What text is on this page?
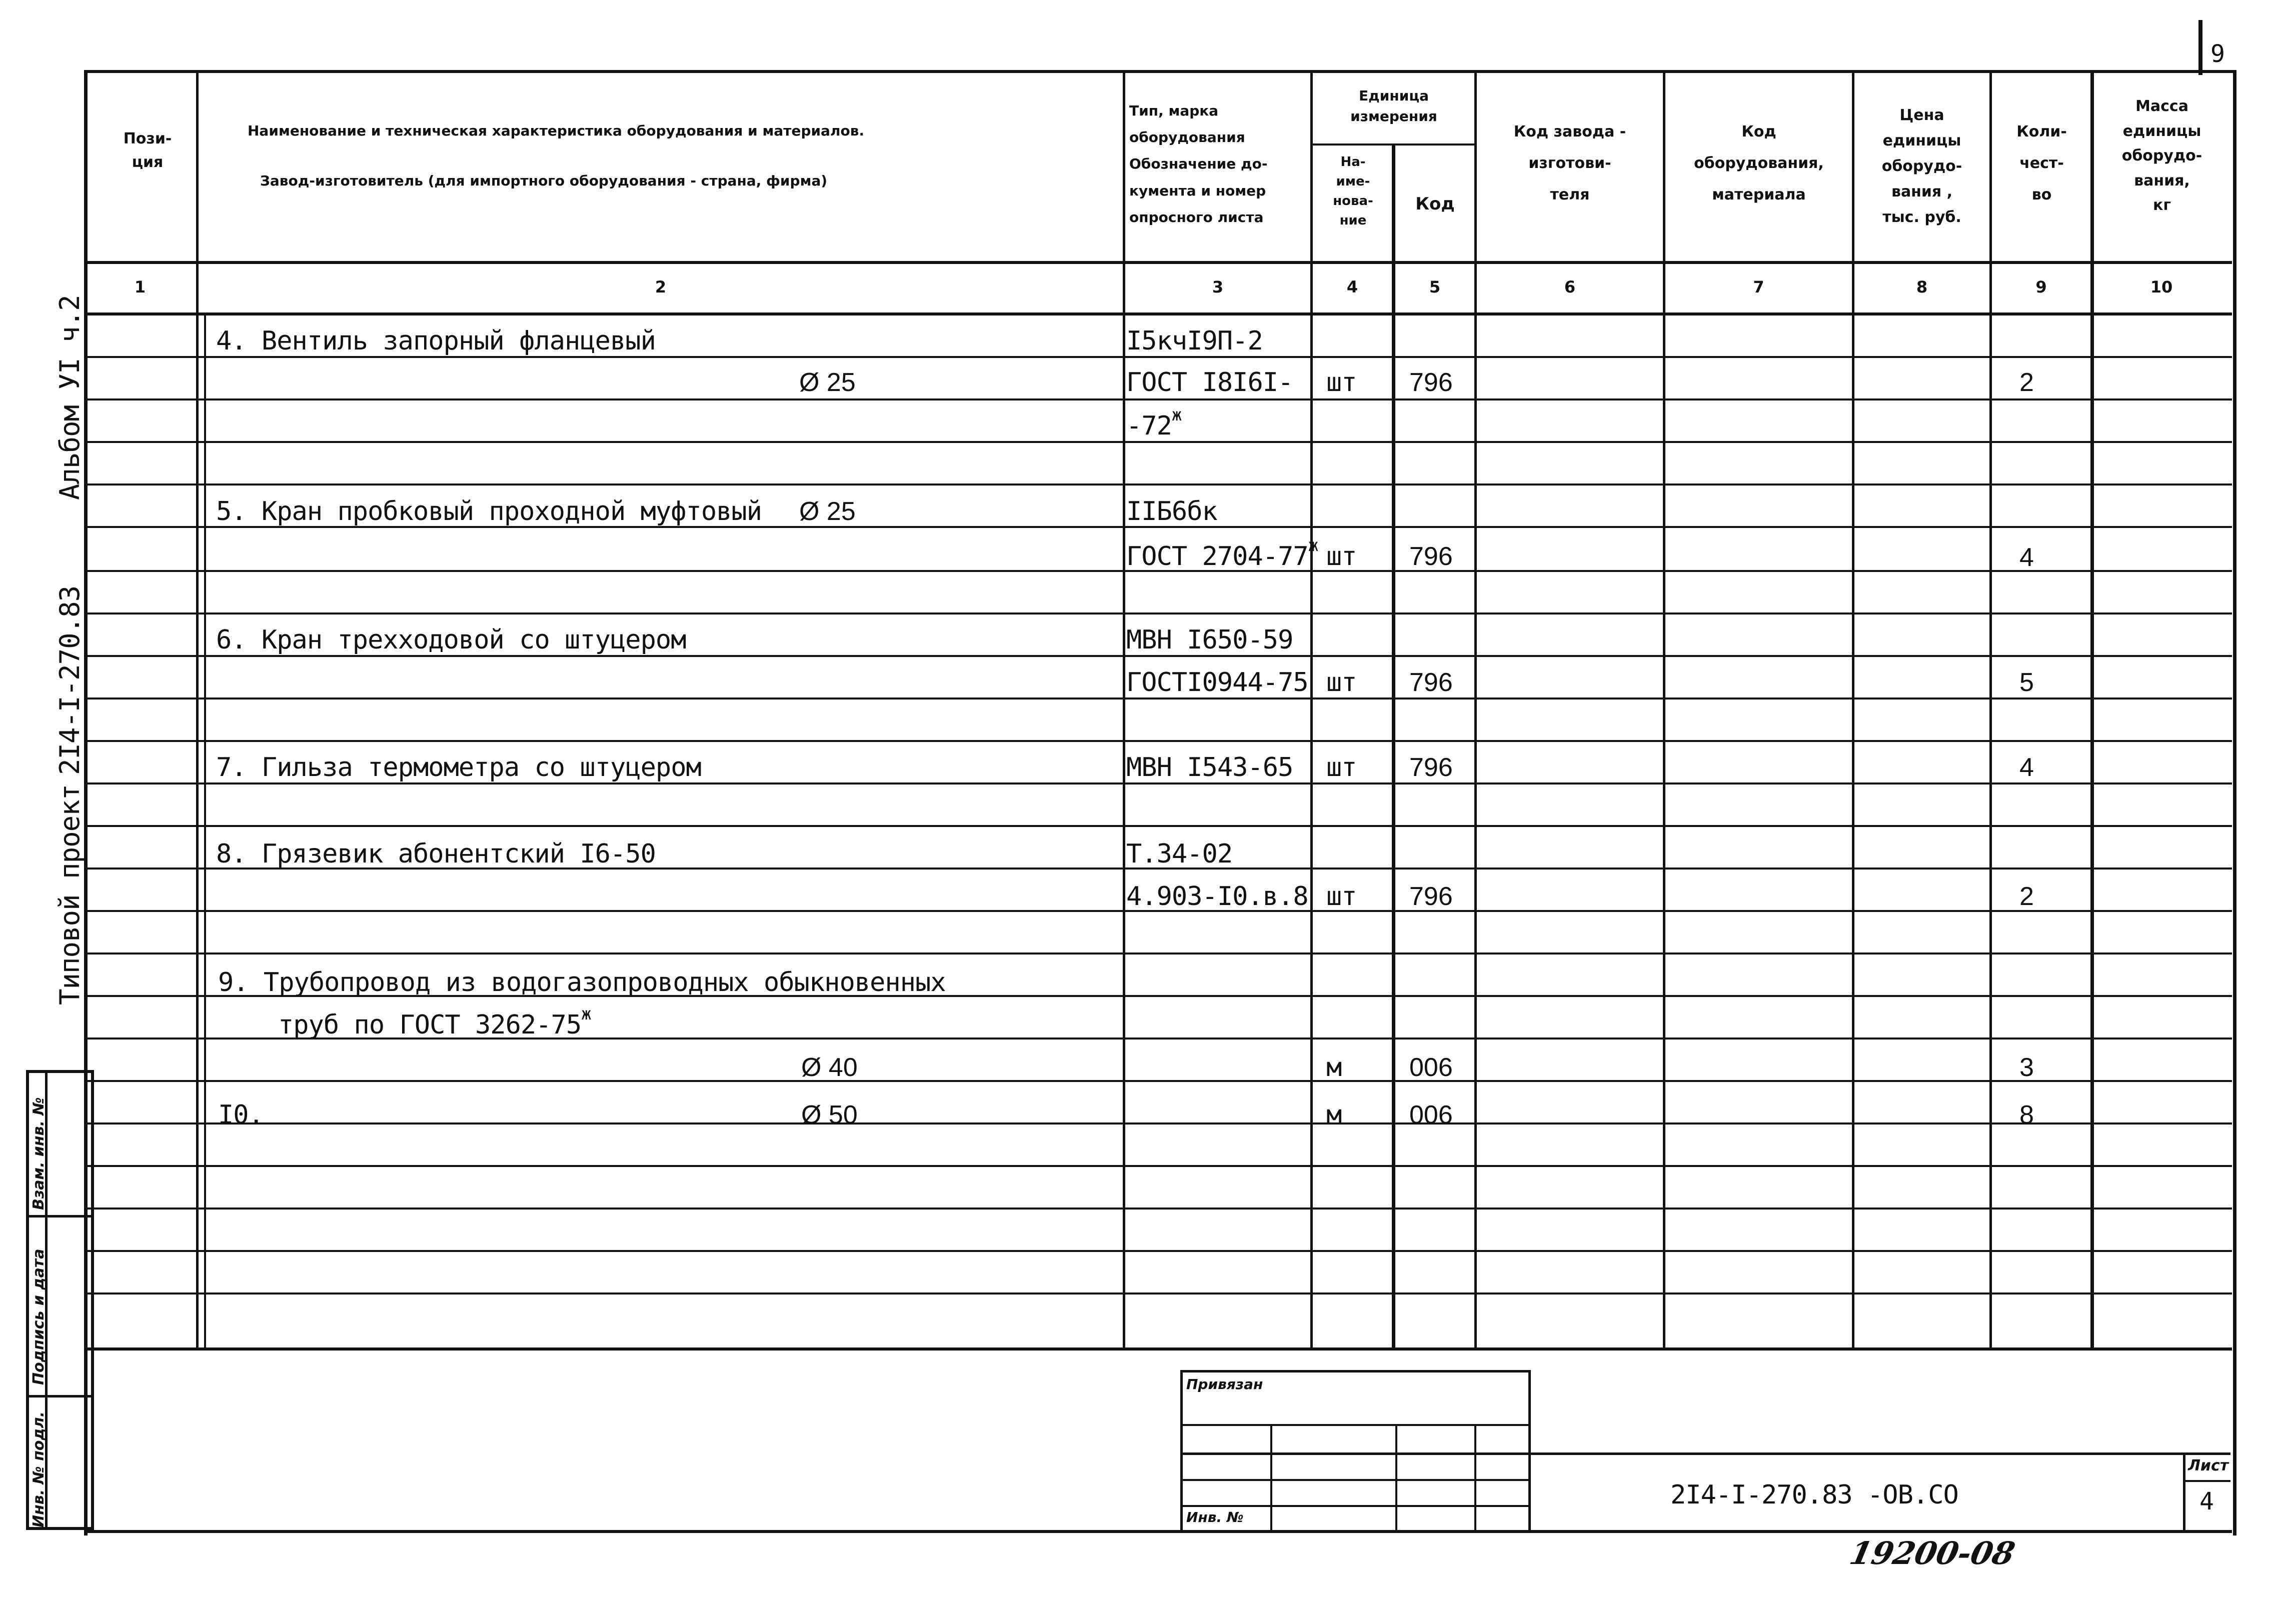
9
Пози-
ция
Наименование и техническая характеристика оборудования и материалов.
Завод-изготовитель (для импортного оборудования - страна, фирма)
Тип, марка
оборудования
Обозначение до-
кумента и номер
опросного листа
Единица
измерения
На-
име-
нова-
ние
Код
Код завода -
изготови-
теля
Код
оборудования,
материала
Цена
единицы
оборудо-
вания ,
тыс. руб.
Коли-
чест-
во
Масса
единицы
оборудо-
вания,
кг
1	2	3	4	5	6	7	8	9	10
4. Вентиль запорный фланцевый	I5кчI9П-2
Ø 25	ГОСТ I8I6I- шт 796	2
$-72^ж$
5. Кран пробковый проходной муфтовый Ø 25	IIБ6бк
ГОСТ $2704-77^ж$ шт 796	4
6. Кран трехходовой со штуцером	МВН I650-59
ГОСТI0944-75 шт 796	5
7. Гильза термометра со штуцером	МВН I543-65 шт 796	4
8. Грязевик абонентский I6-50	Т.34-02
4.903-I0.в.8 шт 796	2
9. Трубопровод из водогазопроводных обыкновенных
труб по ГОСТ $3262-75^ж$
Ø 40	м	006	3
I0.	Ø 50	м	006	8
Альбом УI ч.2
2I4-I-270.83
Типовой проект
Инв. № подл.
Подпись и дата
Взам. инв. №
Привязан
Инв. №
2I4-I-270.83 -ОВ.СО
Лист
4
19200-08
